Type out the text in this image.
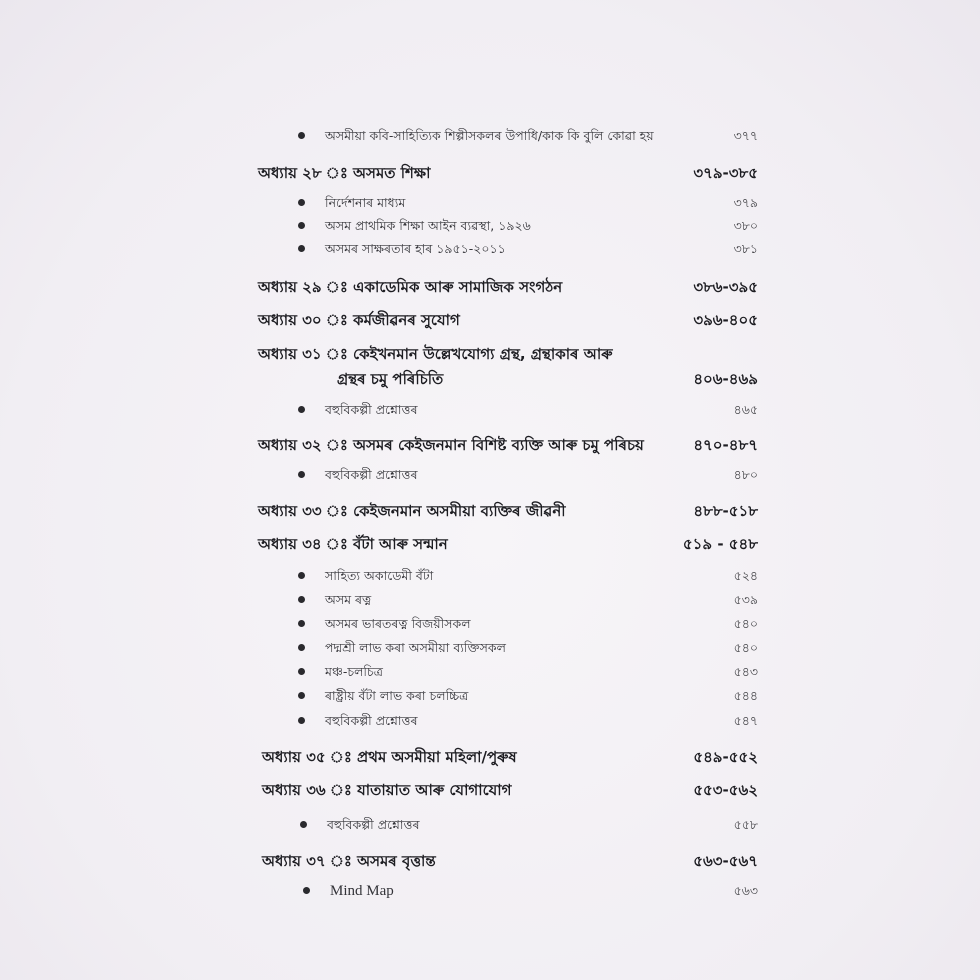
অসমীয়া কবি-সাহিত্যিক শিল্পীসকলৰ উপাধি/কাক কি বুলি কোৱা হয়	৩৭৭
অধ্যায় ২৮ ঃ অসমত শিক্ষা	৩৭৯-৩৮৫
নির্দেশনাৰ মাধ্যম	৩৭৯
অসম প্ৰাথমিক শিক্ষা আইন ব্যৱস্থা, ১৯২৬	৩৮০
অসমৰ সাক্ষৰতাৰ হাৰ ১৯৫১-২০১১	৩৮১
অধ্যায় ২৯ ঃ একাডেমিক আৰু সামাজিক সংগঠন	৩৮৬-৩৯৫
অধ্যায় ৩০ ঃ কৰ্মজীৱনৰ সুযোগ	৩৯৬-৪০৫
অধ্যায় ৩১ ঃ কেইখনমান উল্লেখযোগ্য গ্ৰন্থ, গ্ৰন্থাকাৰ আৰু
গ্ৰন্থৰ চমু পৰিচিতি	৪০৬-৪৬৯
বহুবিকল্পী প্ৰশ্নোত্তৰ	৪৬৫
অধ্যায় ৩২ ঃ অসমৰ কেইজনমান বিশিষ্ট ব্যক্তি আৰু চমু পৰিচয়	৪৭০-৪৮৭
বহুবিকল্পী প্ৰশ্নোত্তৰ	৪৮০
অধ্যায় ৩৩ ঃ কেইজনমান অসমীয়া ব্যক্তিৰ জীৱনী	৪৮৮-৫১৮
অধ্যায় ৩৪ ঃ বঁটা আৰু সন্মান	৫১৯ - ৫৪৮
সাহিত্য অকাডেমী বঁটা	৫২৪
অসম ৰত্ন	৫৩৯
অসমৰ ভাৰতৰত্ন বিজয়ীসকল	৫৪০
পদ্মশ্ৰী লাভ কৰা অসমীয়া ব্যক্তিসকল	৫৪০
মঞ্চ-চলচিত্ৰ	৫৪৩
ৰাষ্ট্ৰীয় বঁটা লাভ কৰা চলচ্চিত্ৰ	৫৪৪
বহুবিকল্পী প্ৰশ্নোত্তৰ	৫৪৭
অধ্যায় ৩৫ ঃ প্ৰথম অসমীয়া মহিলা/পুৰুষ	৫৪৯-৫৫২
অধ্যায় ৩৬ ঃ যাতায়াত আৰু যোগাযোগ	৫৫৩-৫৬২
বহুবিকল্পী প্ৰশ্নোত্তৰ	৫৫৮
অধ্যায় ৩৭ ঃ অসমৰ বৃত্তান্ত	৫৬৩-৫৬৭
Mind Map	৫৬৩
